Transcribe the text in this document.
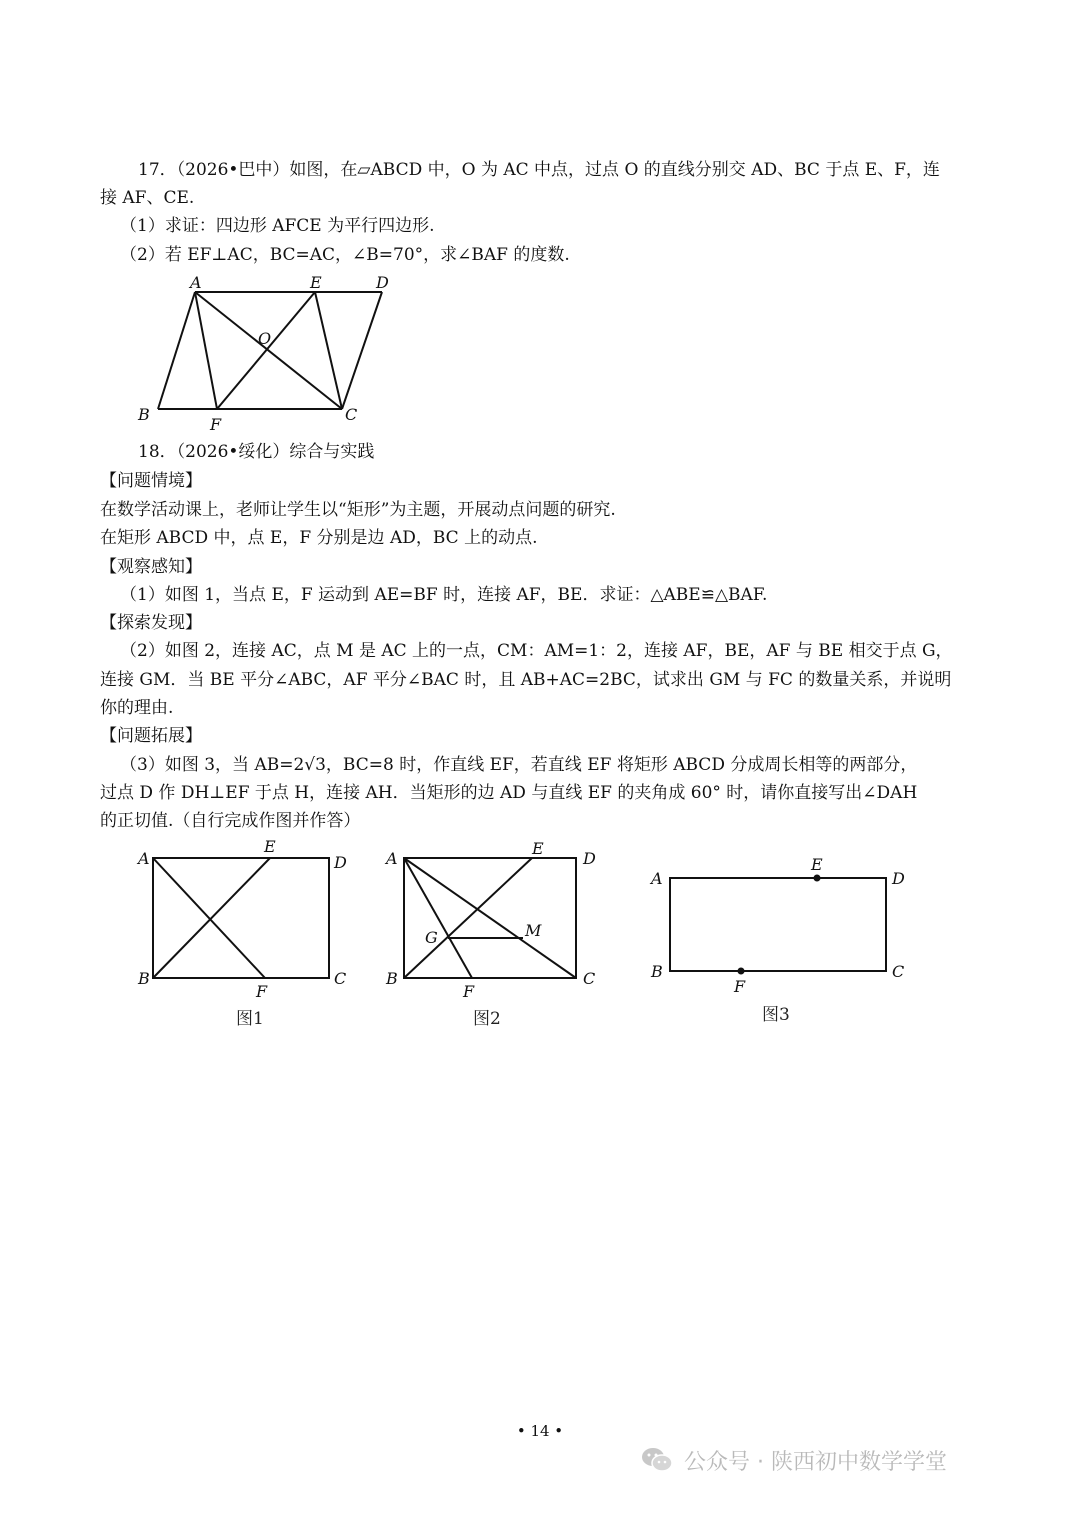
17．（2026•巴中）如图，在▱ABCD 中，O 为 AC 中点，过点 O 的直线分别交 AD、BC 于点 E、F，连
接 AF、CE.
（1）求证：四边形 AFCE 为平行四边形.
（2）若 EF⊥AC，BC=AC，∠B=70°，求∠BAF 的度数.
A	E	D
O
B
F
C
18．（2026•绥化）综合与实践
【问题情境】
在数学活动课上，老师让学生以“矩形”为主题，开展动点问题的研究.
在矩形 ABCD 中，点 E，F 分别是边 AD，BC 上的动点.
【观察感知】
（1）如图 1，当点 E，F 运动到 AE=BF 时，连接 AF，BE．求证：△ABE≌△BAF.
【探索发现】
（2）如图 2，连接 AC，点 M 是 AC 上的一点，CM：AM=1：2，连接 AF，BE，AF 与 BE 相交于点 G，
连接 GM．当 BE 平分∠ABC，AF 平分∠BAC 时，且 AB+AC=2BC，试求出 GM 与 FC 的数量关系，并说明
你的理由.
【问题拓展】
（3）如图 3，当 AB=2√3，BC=8 时，作直线 EF，若直线 EF 将矩形 ABCD 分成周长相等的两部分，
过点 D 作 DH⊥EF 于点 H，连接 AH．当矩形的边 AD 与直线 EF 的夹角成 60° 时，请你直接写出∠DAH
的正切值.（自行完成作图并作答）
A
E
D
B
F
C
图1
A
E
D
G	M
B
F
C
图2
E
A	D
B
F
C
图3
• 14 •
公众号 · 陕西初中数学学堂
